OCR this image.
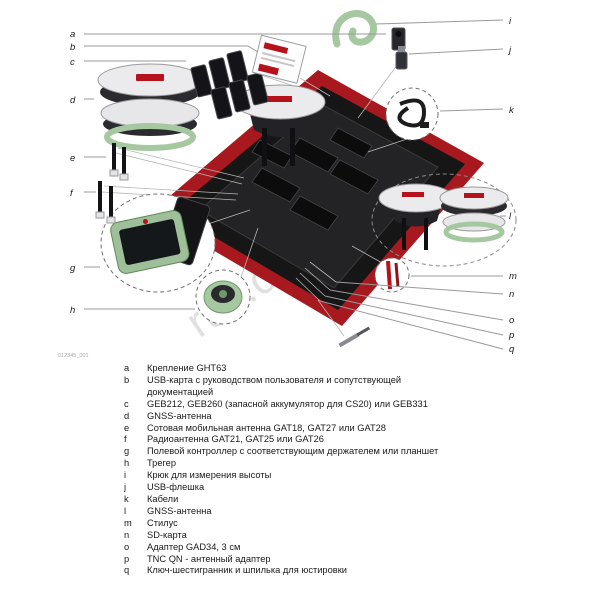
a
b
c
d
e
f
g
h
i
j
k
l
m
n
o
p
q
012345_001
a	Крепление GHT63
b	USB-карта с руководством пользователя и сопутствующей документацией
c	GEB212, GEB260 (запасной аккумулятор для CS20) или GEB331
d	GNSS-антенна
e	Сотовая мобильная антенна GAT18, GAT27 или GAT28
f	Радиоантенна GAT21, GAT25 или GAT26
g	Полевой контроллер с соответствующим держателем или планшет
h	Трегер
i	Крюк для измерения высоты
j	USB-флешка
k	Кабели
l	GNSS-антенна
m	Стилус
n	SD-карта
o	Адаптер GAD34, 3 см
p	TNC QN - антенный адаптер
q	Ключ-шестигранник и шпилька для юстировки
